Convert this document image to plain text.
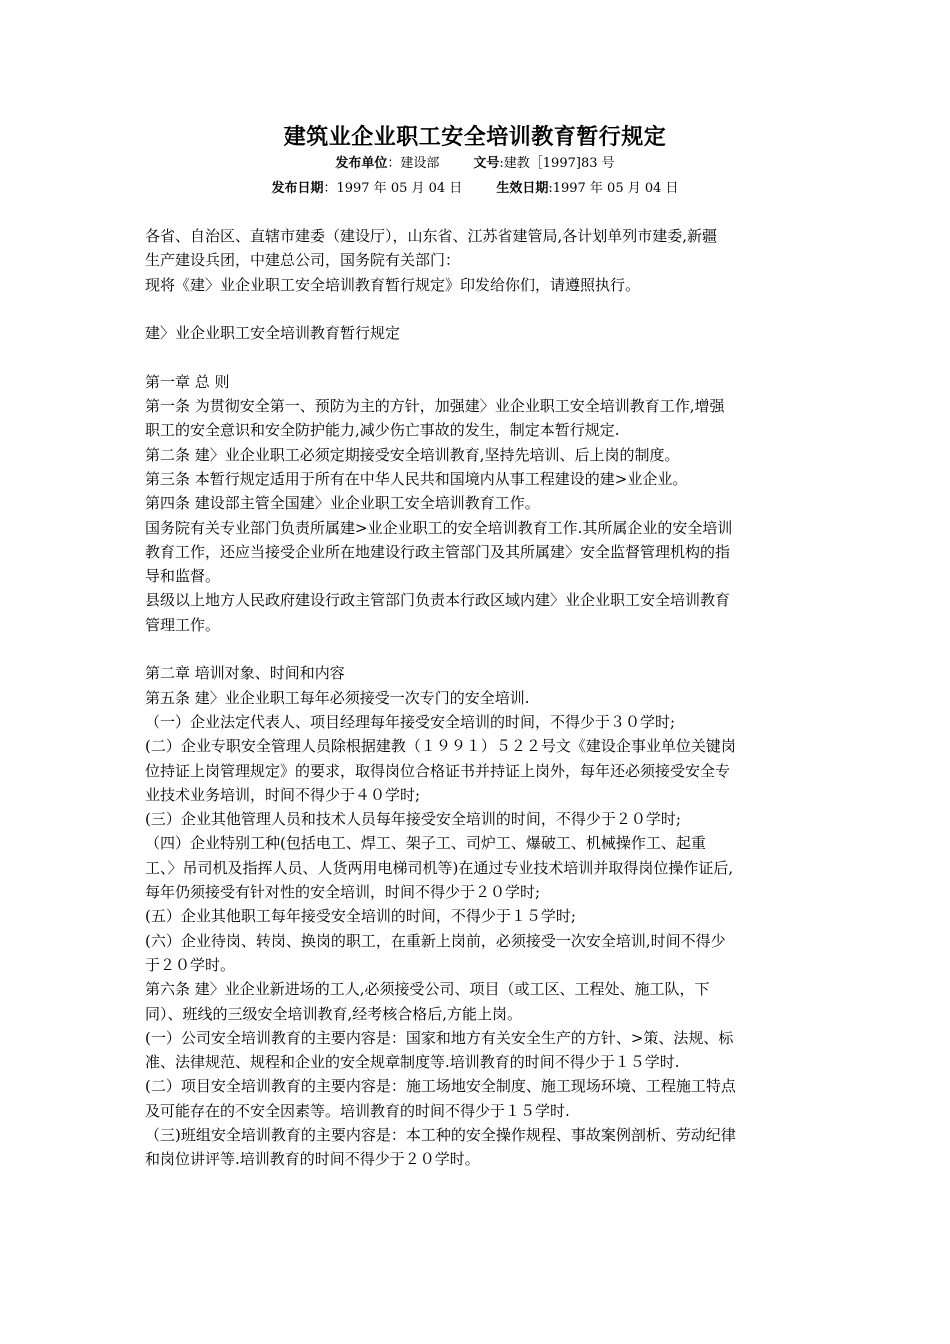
建筑业企业职工安全培训教育暂行规定
发布单位：建设部	文号:建教［1997]83 号
发布日期：1997 年 05 月 04 日	生效日期:1997 年 05 月 04 日
各省、自治区、直辖市建委（建设厅），山东省、江苏省建管局,各计划单列市建委,新疆
生产建设兵团，中建总公司，国务院有关部门：
现将《建〉业企业职工安全培训教育暂行规定》印发给你们，请遵照执行。
建〉业企业职工安全培训教育暂行规定
第一章 总 则
第一条 为贯彻安全第一、预防为主的方针，加强建〉业企业职工安全培训教育工作,增强
职工的安全意识和安全防护能力,减少伤亡事故的发生，制定本暂行规定.
第二条 建〉业企业职工必须定期接受安全培训教育,坚持先培训、后上岗的制度。
第三条 本暂行规定适用于所有在中华人民共和国境内从事工程建设的建>业企业。
第四条 建设部主管全国建〉业企业职工安全培训教育工作。
国务院有关专业部门负责所属建>业企业职工的安全培训教育工作.其所属企业的安全培训
教育工作，还应当接受企业所在地建设行政主管部门及其所属建〉安全监督管理机构的指
导和监督。
县级以上地方人民政府建设行政主管部门负责本行政区域内建〉业企业职工安全培训教育
管理工作。
第二章 培训对象、时间和内容
第五条 建〉业企业职工每年必须接受一次专门的安全培训.
（一）企业法定代表人、项目经理每年接受安全培训的时间，不得少于３０学时;
(二）企业专职安全管理人员除根据建教（１９９１）５２２号文《建设企事业单位关键岗
位持证上岗管理规定》的要求，取得岗位合格证书并持证上岗外，每年还必须接受安全专
业技术业务培训，时间不得少于４０学时;
(三）企业其他管理人员和技术人员每年接受安全培训的时间，不得少于２０学时;
（四）企业特别工种(包括电工、焊工、架子工、司炉工、爆破工、机械操作工、起重
工、〉吊司机及指挥人员、人货两用电梯司机等)在通过专业技术培训并取得岗位操作证后,
每年仍须接受有针对性的安全培训，时间不得少于２０学时;
(五）企业其他职工每年接受安全培训的时间，不得少于１５学时;
(六）企业待岗、转岗、换岗的职工，在重新上岗前，必须接受一次安全培训,时间不得少
于２０学时。
第六条 建〉业企业新进场的工人,必须接受公司、项目（或工区、工程处、施工队，下
同）、班线的三级安全培训教育,经考核合格后,方能上岗。
(一）公司安全培训教育的主要内容是：国家和地方有关安全生产的方针、>策、法规、标
准、法律规范、规程和企业的安全规章制度等.培训教育的时间不得少于１５学时.
(二）项目安全培训教育的主要内容是：施工场地安全制度、施工现场环境、工程施工特点
及可能存在的不安全因素等。培训教育的时间不得少于１５学时.
（三)班组安全培训教育的主要内容是：本工种的安全操作规程、事故案例剖析、劳动纪律
和岗位讲评等.培训教育的时间不得少于２０学时。
